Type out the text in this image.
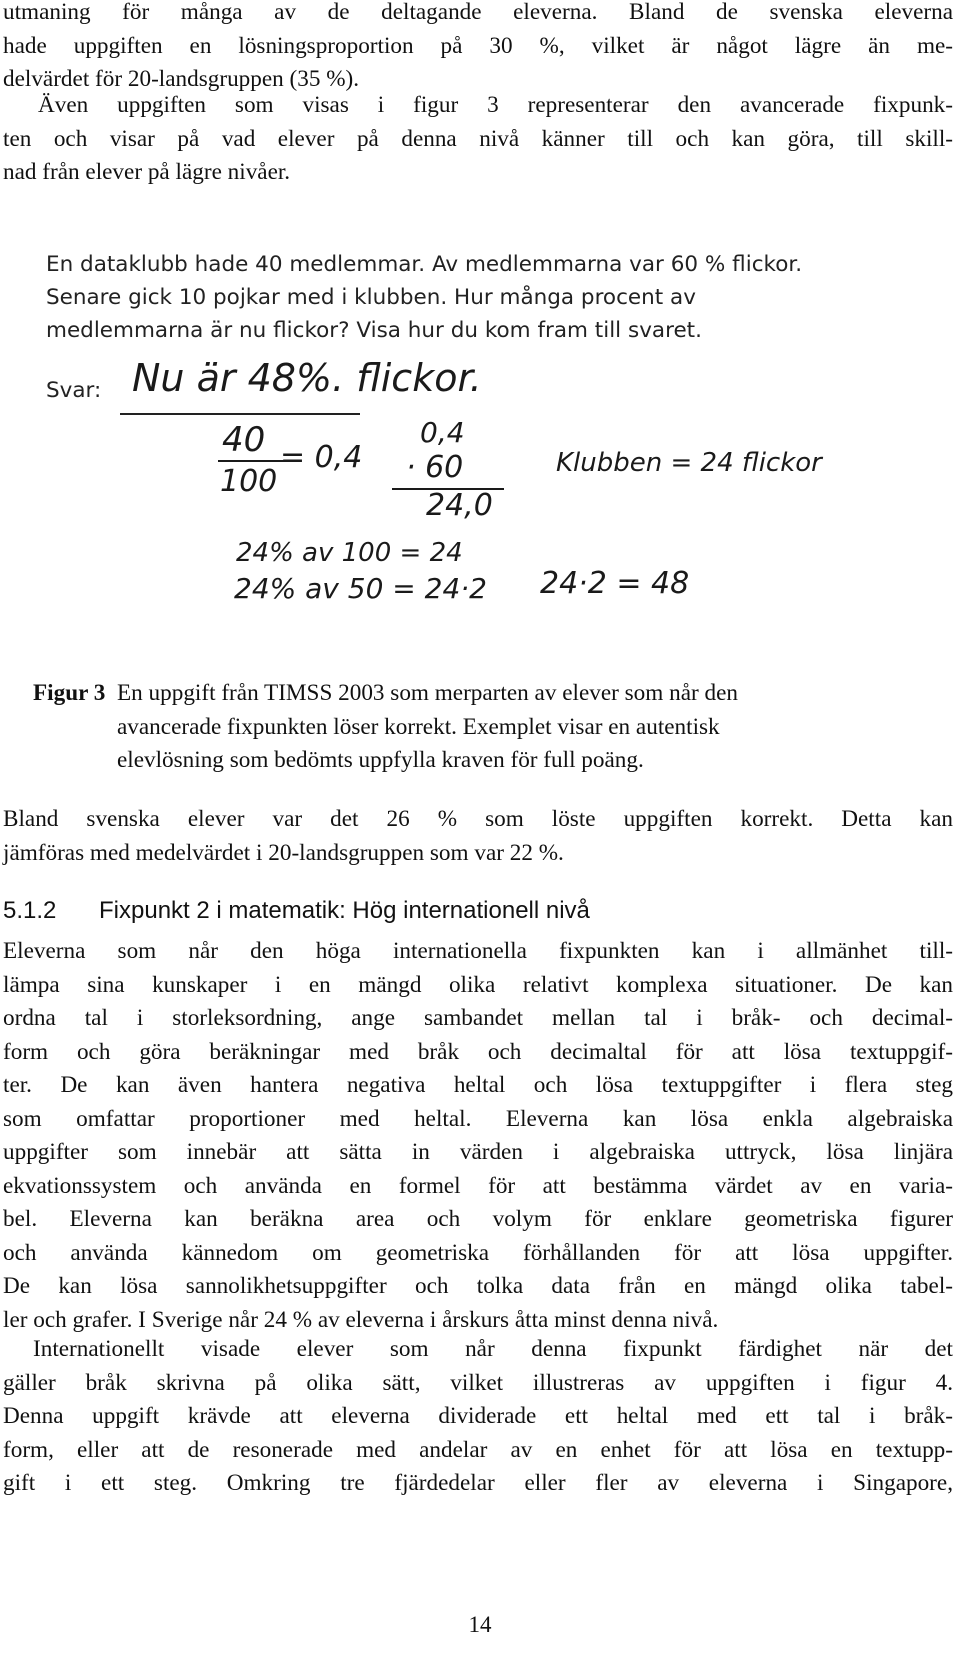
utmaning för många av de deltagande eleverna. Bland de svenska eleverna
hade uppgiften en lösningsproportion på 30 %, vilket är något lägre än me-
delvärdet för 20-landsgruppen (35 %).

Även uppgiften som visas i figur 3 representerar den avancerade fixpunk-
ten och visar på vad elever på denna nivå känner till och kan göra, till skill-
nad från elever på lägre nivåer.

En dataklubb hade 40 medlemmar. Av medlemmarna var 60 % flickor.
Senare gick 10 pojkar med i klubben. Hur många procent av
medlemmarna är nu flickor? Visa hur du kom fram till svaret.
Svar: Nu är 48%. flickor.
40
100
= 0,4
0,4
· 60
24,0
Klubben = 24 flickor
24% av 100 = 24
24% av 50 = 24·2 24·2 = 48
Figur 3 En uppgift från TIMSS 2003 som merparten av elever som når den
avancerade fixpunkten löser korrekt. Exemplet visar en autentisk
elevlösning som bedömts uppfylla kraven för full poäng.

Bland svenska elever var det 26 % som löste uppgiften korrekt. Detta kan
jämföras med medelvärdet i 20-landsgruppen som var 22 %.

5.1.2 Fixpunkt 2 i matematik: Hög internationell nivå

Eleverna som når den höga internationella fixpunkten kan i allmänhet till-
lämpa sina kunskaper i en mängd olika relativt komplexa situationer. De kan
ordna tal i storleksordning, ange sambandet mellan tal i bråk- och decimal-
form och göra beräkningar med bråk och decimaltal för att lösa textuppgif-
ter. De kan även hantera negativa heltal och lösa textuppgifter i flera steg
som omfattar proportioner med heltal. Eleverna kan lösa enkla algebraiska
uppgifter som innebär att sätta in värden i algebraiska uttryck, lösa linjära
ekvationssystem och använda en formel för att bestämma värdet av en varia-
bel. Eleverna kan beräkna area och volym för enklare geometriska figurer
och använda kännedom om geometriska förhållanden för att lösa uppgifter.
De kan lösa sannolikhetsuppgifter och tolka data från en mängd olika tabel-
ler och grafer. I Sverige når 24 % av eleverna i årskurs åtta minst denna nivå.

Internationellt visade elever som når denna fixpunkt färdighet när det
gäller bråk skrivna på olika sätt, vilket illustreras av uppgiften i figur 4.
Denna uppgift krävde att eleverna dividerade ett heltal med ett tal i bråk-
form, eller att de resonerade med andelar av en enhet för att lösa en textupp-
gift i ett steg. Omkring tre fjärdedelar eller fler av eleverna i Singapore,

14
